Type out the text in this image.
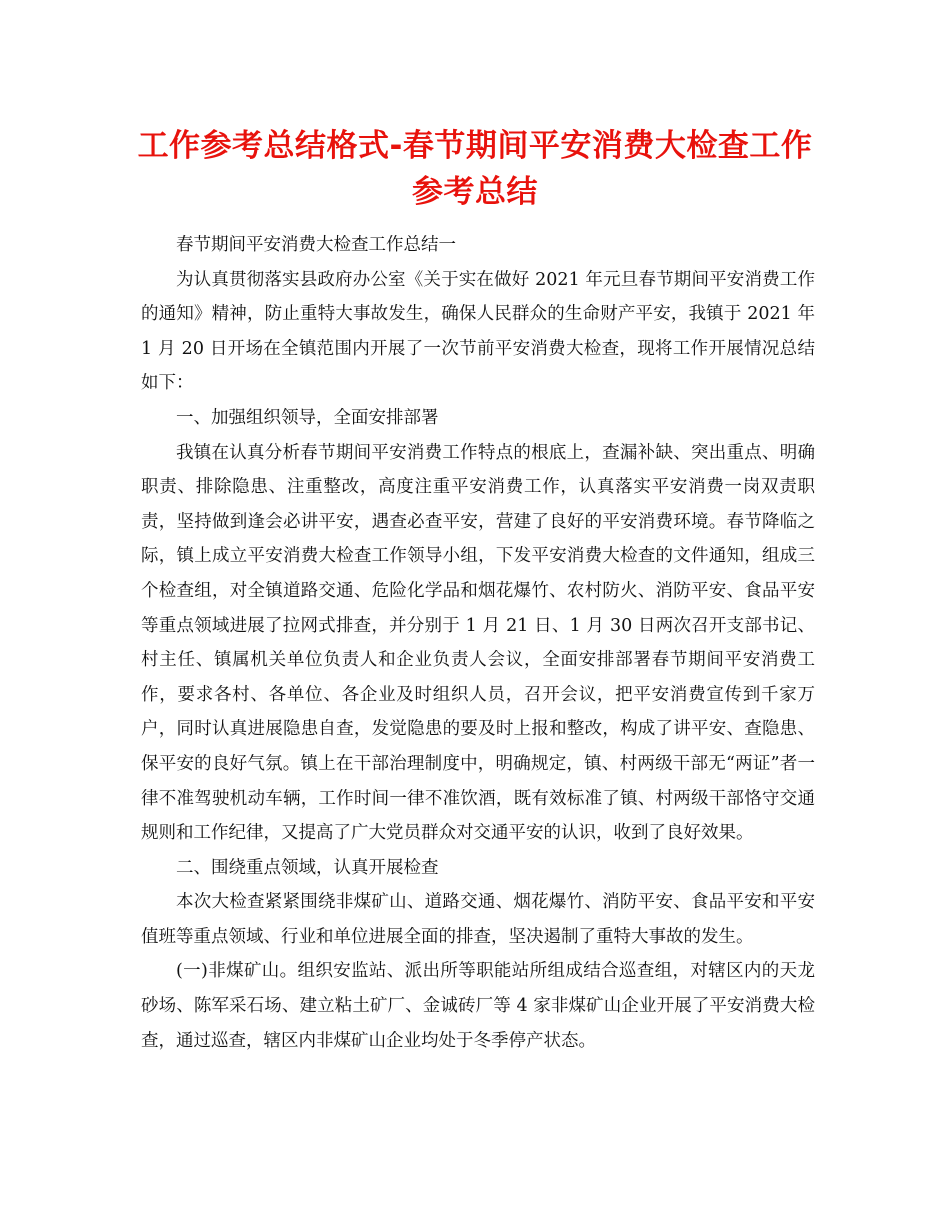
工作参考总结格式-春节期间平安消费大检查工作
参考总结

春节期间平安消费大检查工作总结一

为认真贯彻落实县政府办公室《关于实在做好 2021 年元旦春节期间平安消费工作的通知》精神，防止重特大事故发生，确保人民群众的生命财产平安，我镇于 2021 年 1 月 20 日开场在全镇范围内开展了一次节前平安消费大检查，现将工作开展情况总结如下：

一、加强组织领导，全面安排部署

我镇在认真分析春节期间平安消费工作特点的根底上，查漏补缺、突出重点、明确职责、排除隐患、注重整改，高度注重平安消费工作，认真落实平安消费一岗双责职责，坚持做到逢会必讲平安，遇查必查平安，营建了良好的平安消费环境。春节降临之际，镇上成立平安消费大检查工作领导小组，下发平安消费大检查的文件通知，组成三个检查组，对全镇道路交通、危险化学品和烟花爆竹、农村防火、消防平安、食品平安等重点领域进展了拉网式排查，并分别于 1 月 21 日、1 月 30 日两次召开支部书记、村主任、镇属机关单位负责人和企业负责人会议，全面安排部署春节期间平安消费工作，要求各村、各单位、各企业及时组织人员，召开会议，把平安消费宣传到千家万户，同时认真进展隐患自查，发觉隐患的要及时上报和整改，构成了讲平安、查隐患、保平安的良好气氛。镇上在干部治理制度中，明确规定，镇、村两级干部无“两证”者一律不准驾驶机动车辆，工作时间一律不准饮酒，既有效标准了镇、村两级干部恪守交通规则和工作纪律，又提高了广大党员群众对交通平安的认识，收到了良好效果。

二、围绕重点领域，认真开展检查

本次大检查紧紧围绕非煤矿山、道路交通、烟花爆竹、消防平安、食品平安和平安值班等重点领域、行业和单位进展全面的排查，坚决遏制了重特大事故的发生。

(一)非煤矿山。组织安监站、派出所等职能站所组成结合巡查组，对辖区内的天龙砂场、陈军采石场、建立粘土矿厂、金诚砖厂等 4 家非煤矿山企业开展了平安消费大检查，通过巡查，辖区内非煤矿山企业均处于冬季停产状态。
